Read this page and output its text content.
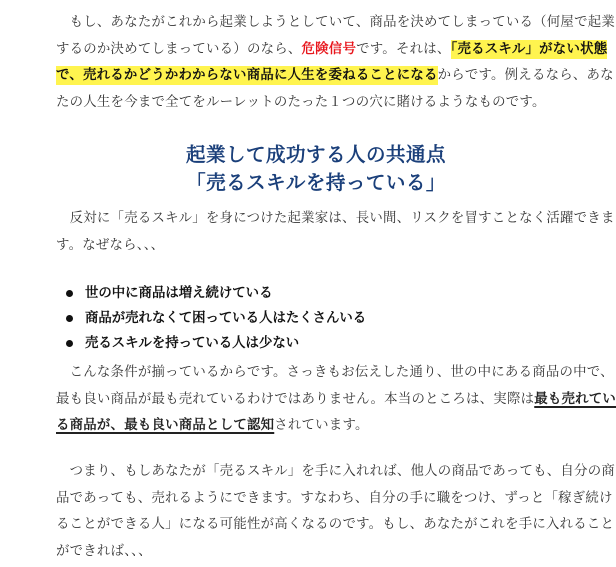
　もし、あなたがこれから起業しようとしていて、商品を決めてしまっている（何屋で起業
するのか決めてしまっている）のなら、危険信号です。それは、「売るスキル」がない状態
で、売れるかどうかわからない商品に人生を委ねることになるからです。例えるなら、あな
たの人生を今まで全てをルーレットのたった１つの穴に賭けるようなものです。
起業して成功する人の共通点
「売るスキルを持っている」
　反対に「売るスキル」を身につけた起業家は、長い間、リスクを冒すことなく活躍できま
す。なぜなら、、、
世の中に商品は増え続けている
商品が売れなくて困っている人はたくさんいる
売るスキルを持っている人は少ない
　こんな条件が揃っているからです。さっきもお伝えした通り、世の中にある商品の中で、
最も良い商品が最も売れているわけではありません。本当のところは、実際は最も売れてい
る商品が、最も良い商品として認知されています。
　つまり、もしあなたが「売るスキル」を手に入れれば、他人の商品であっても、自分の商
品であっても、売れるようにできます。すなわち、自分の手に職をつけ、ずっと「稼ぎ続け
ることができる人」になる可能性が高くなるのです。もし、あなたがこれを手に入れること
ができれば、、、
